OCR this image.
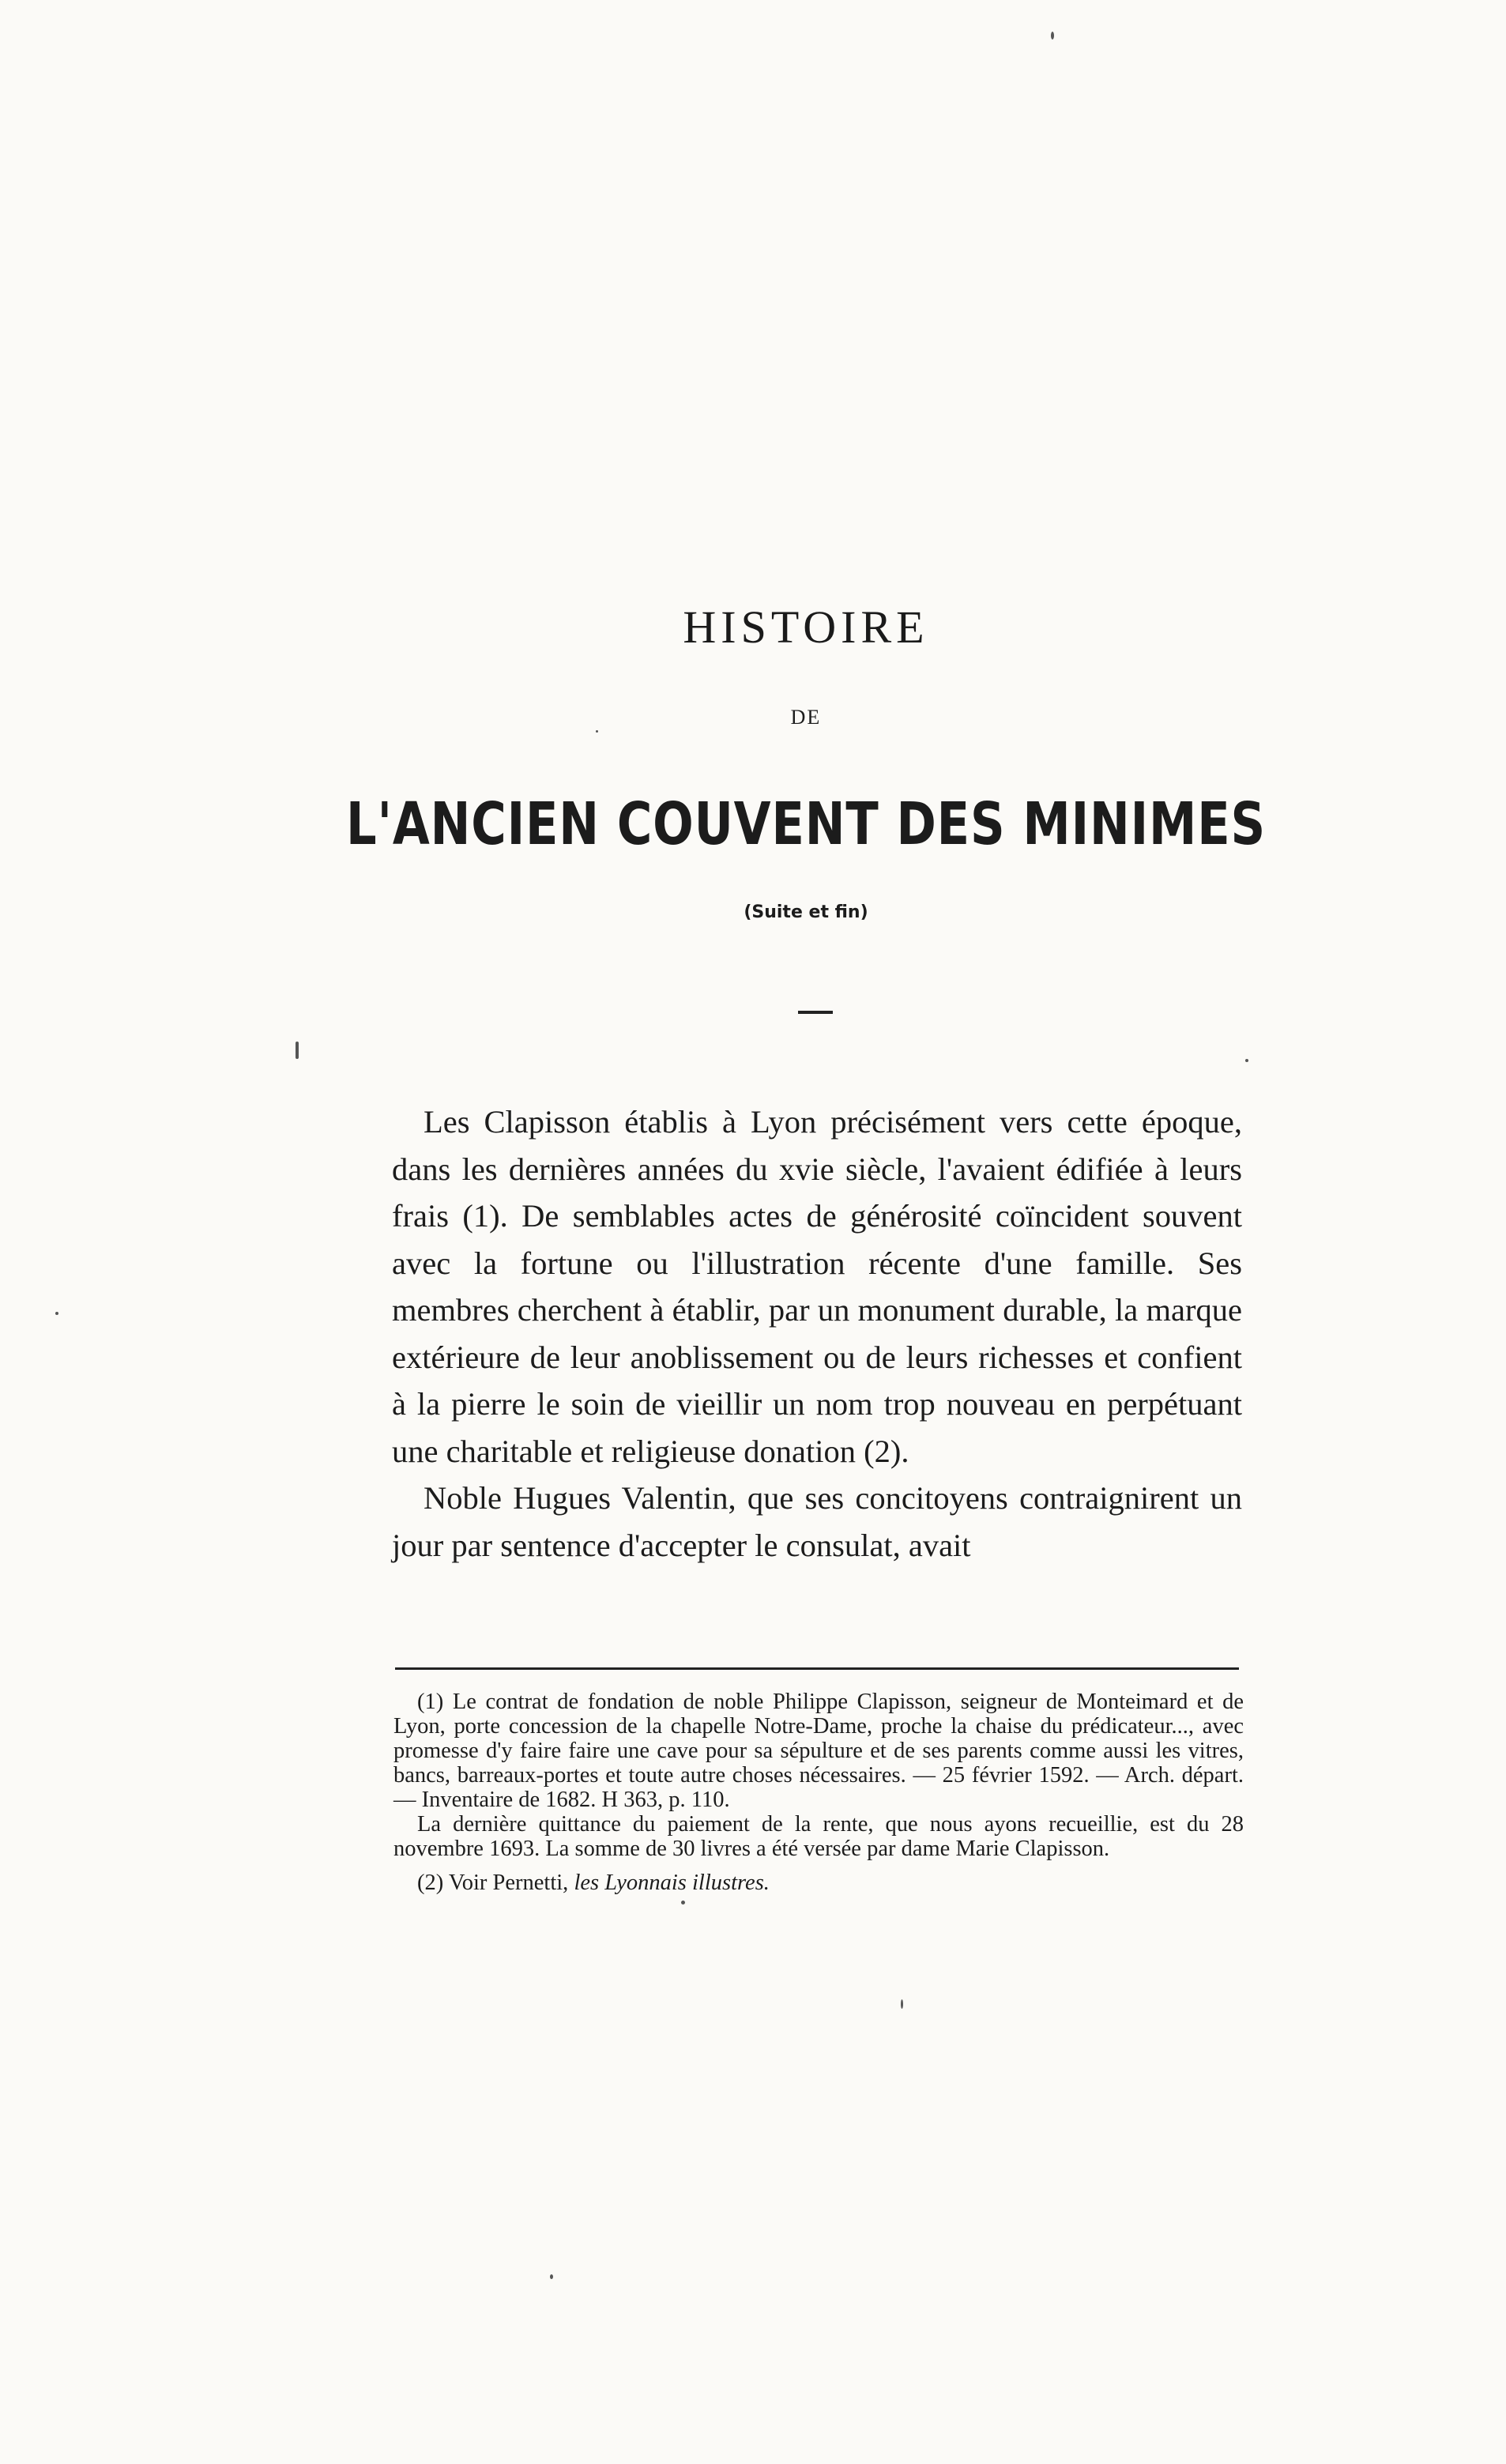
HISTOIRE
DE
L'ANCIEN COUVENT DES MINIMES
(Suite et fin)

Les Clapisson établis à Lyon précisément vers cette époque, dans les dernières années du xvie siècle, l'avaient édifiée à leurs frais (1). De semblables actes de générosité coïncident souvent avec la fortune ou l'illustration récente d'une famille. Ses membres cherchent à établir, par un monument durable, la marque extérieure de leur anoblissement ou de leurs richesses et confient à la pierre le soin de vieillir un nom trop nouveau en perpétuant une charitable et religieuse donation (2).

Noble Hugues Valentin, que ses concitoyens contraignirent un jour par sentence d'accepter le consulat, avait

(1) Le contrat de fondation de noble Philippe Clapisson, seigneur de Monteimard et de Lyon, porte concession de la chapelle Notre-Dame, proche la chaise du prédicateur..., avec promesse d'y faire faire une cave pour sa sépulture et de ses parents comme aussi les vitres, bancs, barreaux-portes et toute autre choses nécessaires. — 25 février 1592. — Arch. départ. — Inventaire de 1682. H 363, p. 110.

La dernière quittance du paiement de la rente, que nous ayons recueillie, est du 28 novembre 1693. La somme de 30 livres a été versée par dame Marie Clapisson.

(2) Voir Pernetti, les Lyonnais illustres.
